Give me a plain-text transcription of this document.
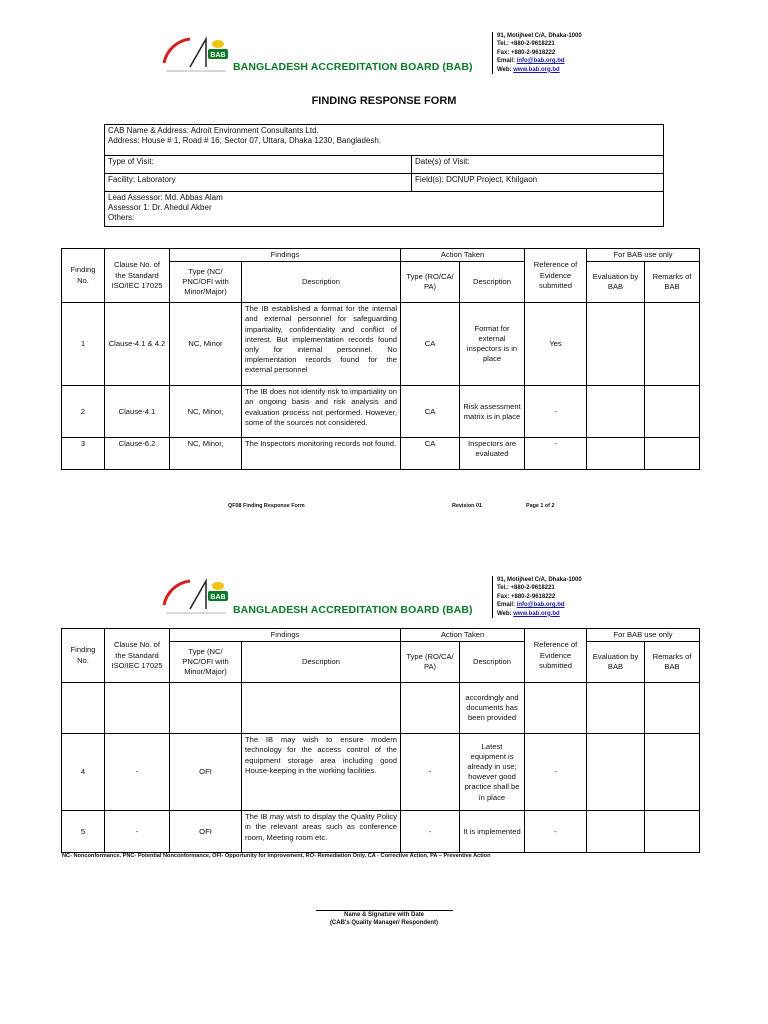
BAB
BANGLADESH ACCREDITATION BOARD (BAB)
91, Motijheel C/A, Dhaka-1000
Tel.: +880-2-9618221
Fax: +880-2-9618222
Email: info@bab.org.bd
Web: www.bab.org.bd
FINDING RESPONSE FORM
CAB Name & Address: Adroit Environment Consultants Ltd.
Address: House # 1, Road # 16, Sector 07, Uttara, Dhaka 1230, Bangladesh.	

Type of Visit:	Date(s) of Visit:
Facility: Laboratory	Field(s): DCNUP Project, Khilgaon

Lead Assessor: Md. Abbas Alam
Assessor 1: Dr. Ahedul Akber
Others:	
Finding No.	Clause No. of the Standard ISO/IEC 17025	Findings		Action Taken		Reference of Evidence submitted	For BAB use only	
		Type (NC/ PNC/OFI with Minor/Major)	Description	Type (RO/CA/ PA)	Description		Evaluation by BAB	Remarks of BAB
1	Clause-4.1 & 4.2	NC, Minor	The IB established a format for the internal and external personnel for safeguarding impartiality, confidentiality and conflict of interest. But implementation records found only for internal personnel. No implementation records found for the external personnel	CA	Format for external inspectors is in place	Yes		
2	Clause-4.1	NC, Minor,	The IB does not identify risk to impartiality on an ongoing basis and risk analysis and evaluation process not performed. However, some of the sources not considered.	CA	Risk assessment matrix is in place	-		
3	Clause-6.2	NC, Minor,	The Inspectors monitoring records not found.	CA	Inspectors are evaluated	-		
QF08 Finding Response Form	Revision 01	Page 1 of 2
BAB
BANGLADESH ACCREDITATION BOARD (BAB)
91, Motijheel C/A, Dhaka-1000
Tel.: +880-2-9618221
Fax: +880-2-9618222
Email: info@bab.org.bd
Web: www.bab.org.bd
Finding No.	Clause No. of the Standard ISO/IEC 17025	Findings		Action Taken		Reference of Evidence submitted	For BAB use only	
		Type (NC/ PNC/OFI with Minor/Major)	Description	Type (RO/CA/ PA)	Description		Evaluation by BAB	Remarks of BAB
					accordingly and documents has been provided			
4	-	OFI	The IB may wish to ensure modern technology for the access control of the equipment storage area including good House-keeping in the working facilities.	-	Latest equipment is already in use; however good practice shall be in place	-		
5	-	OFI	The IB may wish to display the Quality Policy in the relevant areas such as conference room, Meeting room etc.	-	It is implemented	-		
NC- Nonconformance, PNC- Potential Nonconformance, OFI- Opportunity for Improvement, RO- Remediation Only, CA - Corrective Action, PA – Preventive Action
Name & Signature with Date
(CAB's Quality Manager/ Respondent)
